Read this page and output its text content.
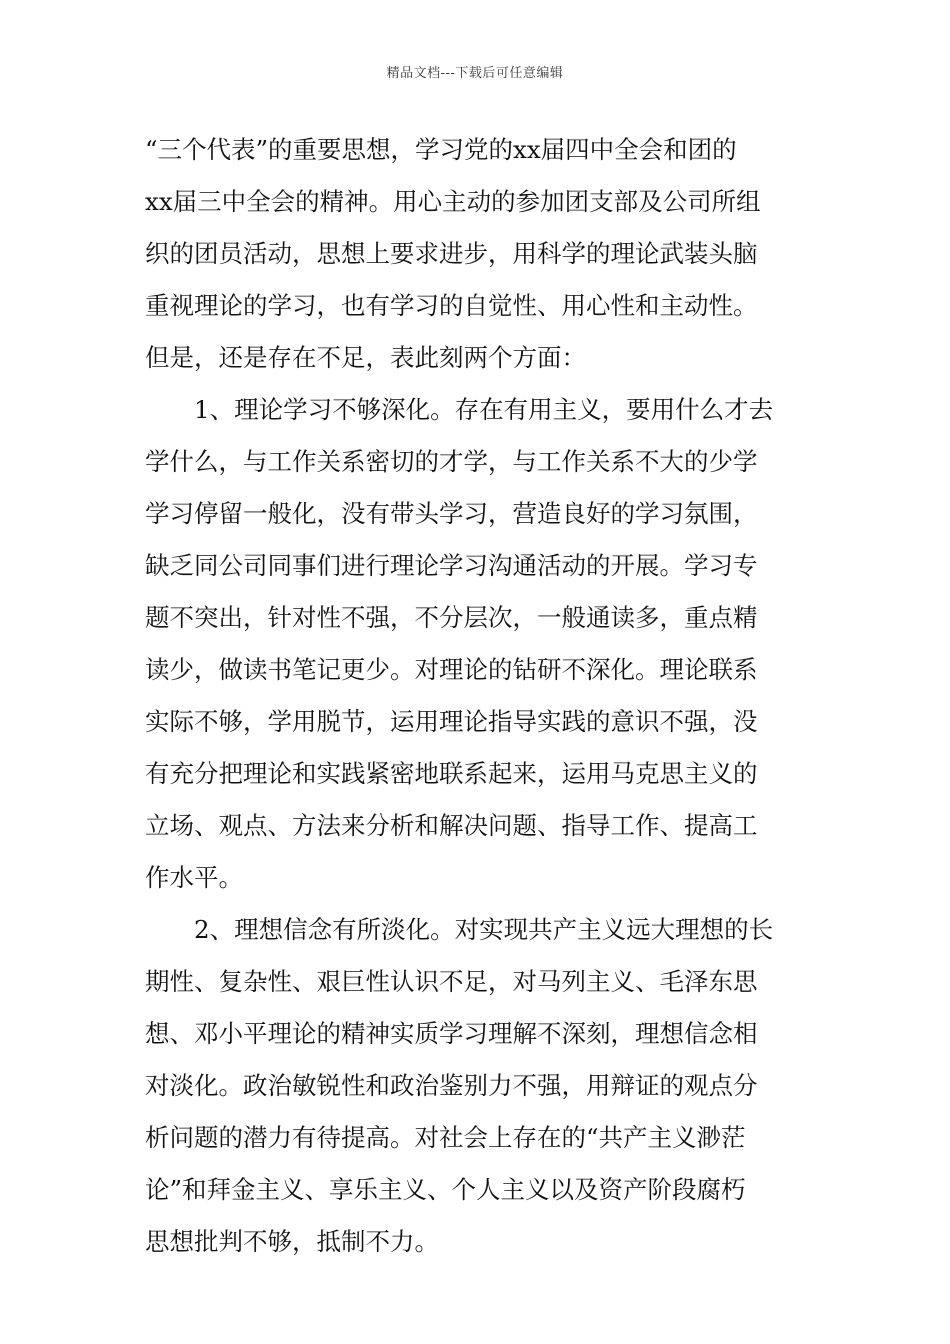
精品文档---下载后可任意编辑
“三个代表”的重要思想，学习党的xx届四中全会和团的
xx届三中全会的精神。用心主动的参加团支部及公司所组
织的团员活动，思想上要求进步，用科学的理论武装头脑
重视理论的学习，也有学习的自觉性、用心性和主动性。
但是，还是存在不足，表此刻两个方面：
1、理论学习不够深化。存在有用主义，要用什么才去
学什么，与工作关系密切的才学，与工作关系不大的少学
学习停留一般化，没有带头学习，营造良好的学习氛围，
缺乏同公司同事们进行理论学习沟通活动的开展。学习专
题不突出，针对性不强，不分层次，一般通读多，重点精
读少，做读书笔记更少。对理论的钻研不深化。理论联系
实际不够，学用脱节，运用理论指导实践的意识不强，没
有充分把理论和实践紧密地联系起来，运用马克思主义的
立场、观点、方法来分析和解决问题、指导工作、提高工
作水平。
2、理想信念有所淡化。对实现共产主义远大理想的长
期性、复杂性、艰巨性认识不足，对马列主义、毛泽东思
想、邓小平理论的精神实质学习理解不深刻，理想信念相
对淡化。政治敏锐性和政治鉴别力不强，用辩证的观点分
析问题的潜力有待提高。对社会上存在的“共产主义渺茫
论”和拜金主义、享乐主义、个人主义以及资产阶段腐朽
思想批判不够，抵制不力。
